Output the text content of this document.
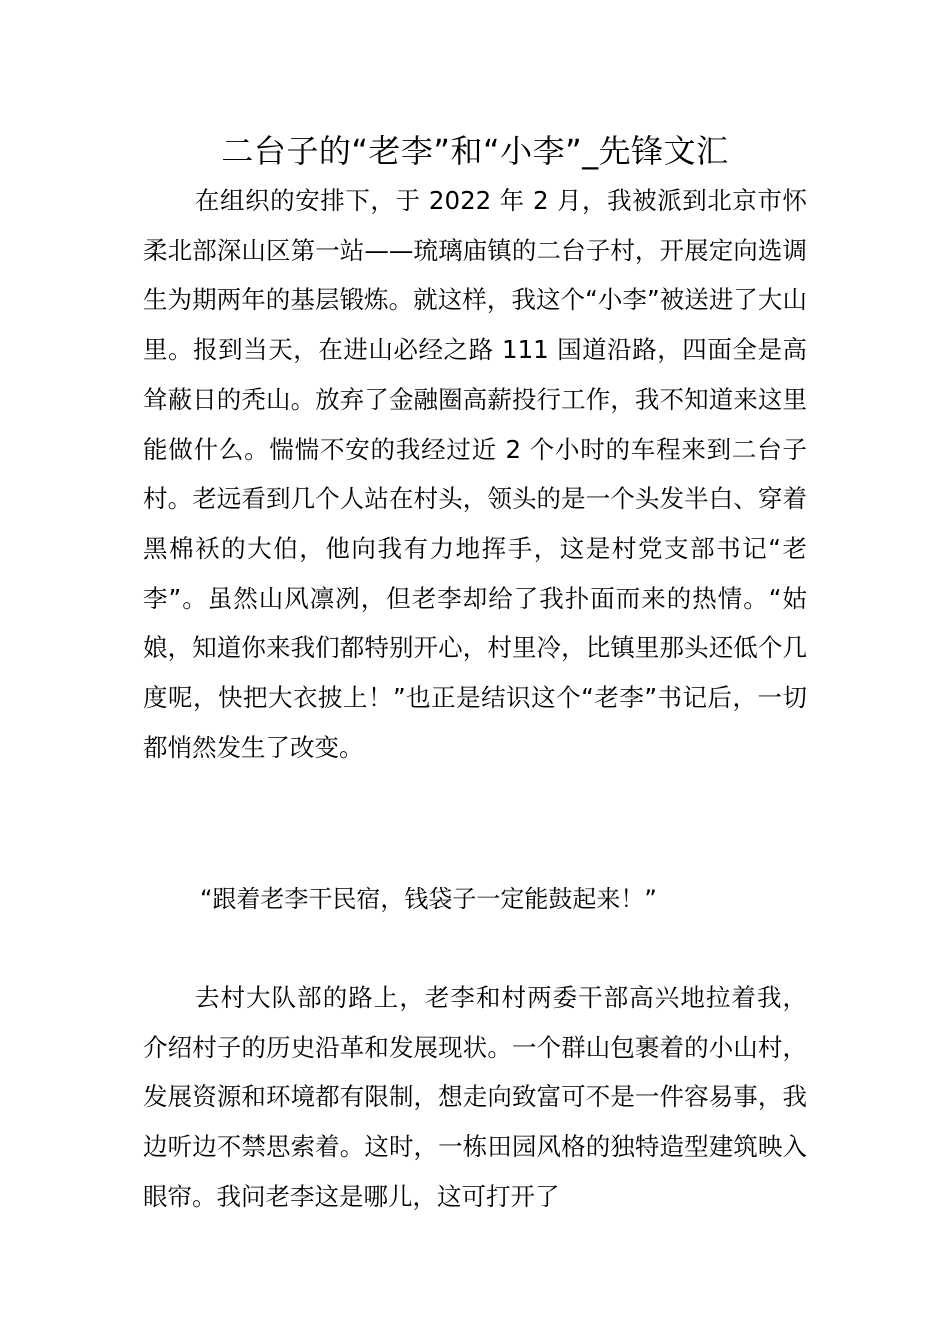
二台子的“老李”和“小李”_先锋文汇

在组织的安排下，于 2022 年 2 月，我被派到北京市怀柔北部深山区第一站——琉璃庙镇的二台子村，开展定向选调生为期两年的基层锻炼。就这样，我这个“小李”被送进了大山里。报到当天，在进山必经之路 111 国道沿路，四面全是高耸蔽日的秃山。放弃了金融圈高薪投行工作，我不知道来这里能做什么。惴惴不安的我经过近 2 个小时的车程来到二台子村。老远看到几个人站在村头，领头的是一个头发半白、穿着黑棉袄的大伯，他向我有力地挥手，这是村党支部书记“老李”。虽然山风凛冽，但老李却给了我扑面而来的热情。“姑娘，知道你来我们都特别开心，村里冷，比镇里那头还低个几度呢，快把大衣披上！”也正是结识这个“老李”书记后，一切都悄然发生了改变。

“跟着老李干民宿，钱袋子一定能鼓起来！”

去村大队部的路上，老李和村两委干部高兴地拉着我，介绍村子的历史沿革和发展现状。一个群山包裹着的小山村，发展资源和环境都有限制，想走向致富可不是一件容易事，我边听边不禁思索着。这时，一栋田园风格的独特造型建筑映入眼帘。我问老李这是哪儿，这可打开了
